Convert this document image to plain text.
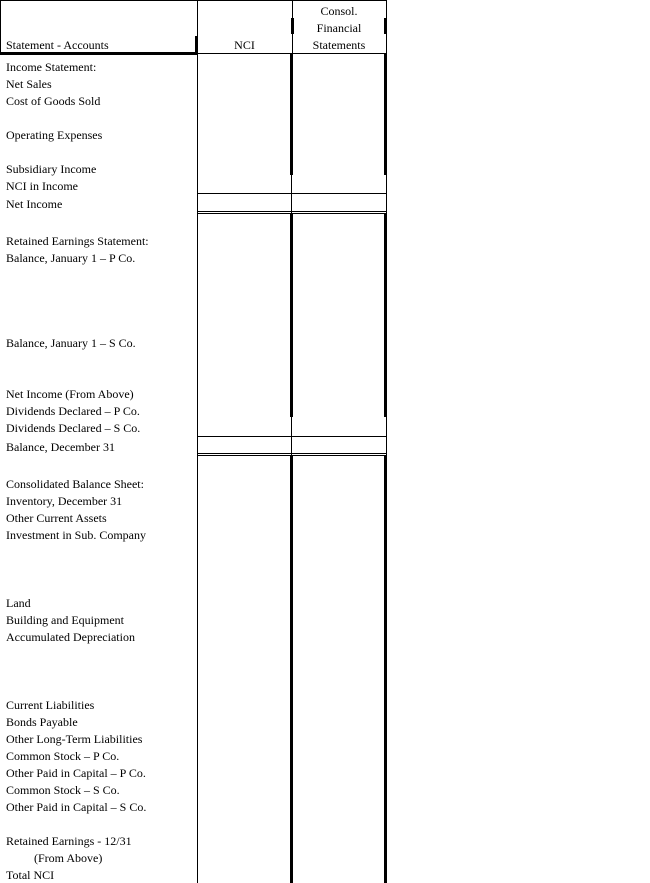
Statement - Accounts	NCI
Consol.
Financial
Statements
Income Statement:
Net Sales
Cost of Goods Sold
Operating Expenses
Subsidiary Income
NCI in Income
Net Income
Retained Earnings Statement:
Balance, January 1 – P Co.
Balance, January 1 – S Co.
Net Income (From Above)
Dividends Declared – P Co.
Dividends Declared – S Co.
Balance, December 31
Consolidated Balance Sheet:
Inventory, December 31
Other Current Assets
Investment in Sub. Company
Land
Building and Equipment
Accumulated Depreciation
Current Liabilities
Bonds Payable
Other Long-Term Liabilities
Common Stock – P Co.
Other Paid in Capital – P Co.
Common Stock – S Co.
Other Paid in Capital – S Co.
Retained Earnings - 12/31
(From Above)
Total NCI
